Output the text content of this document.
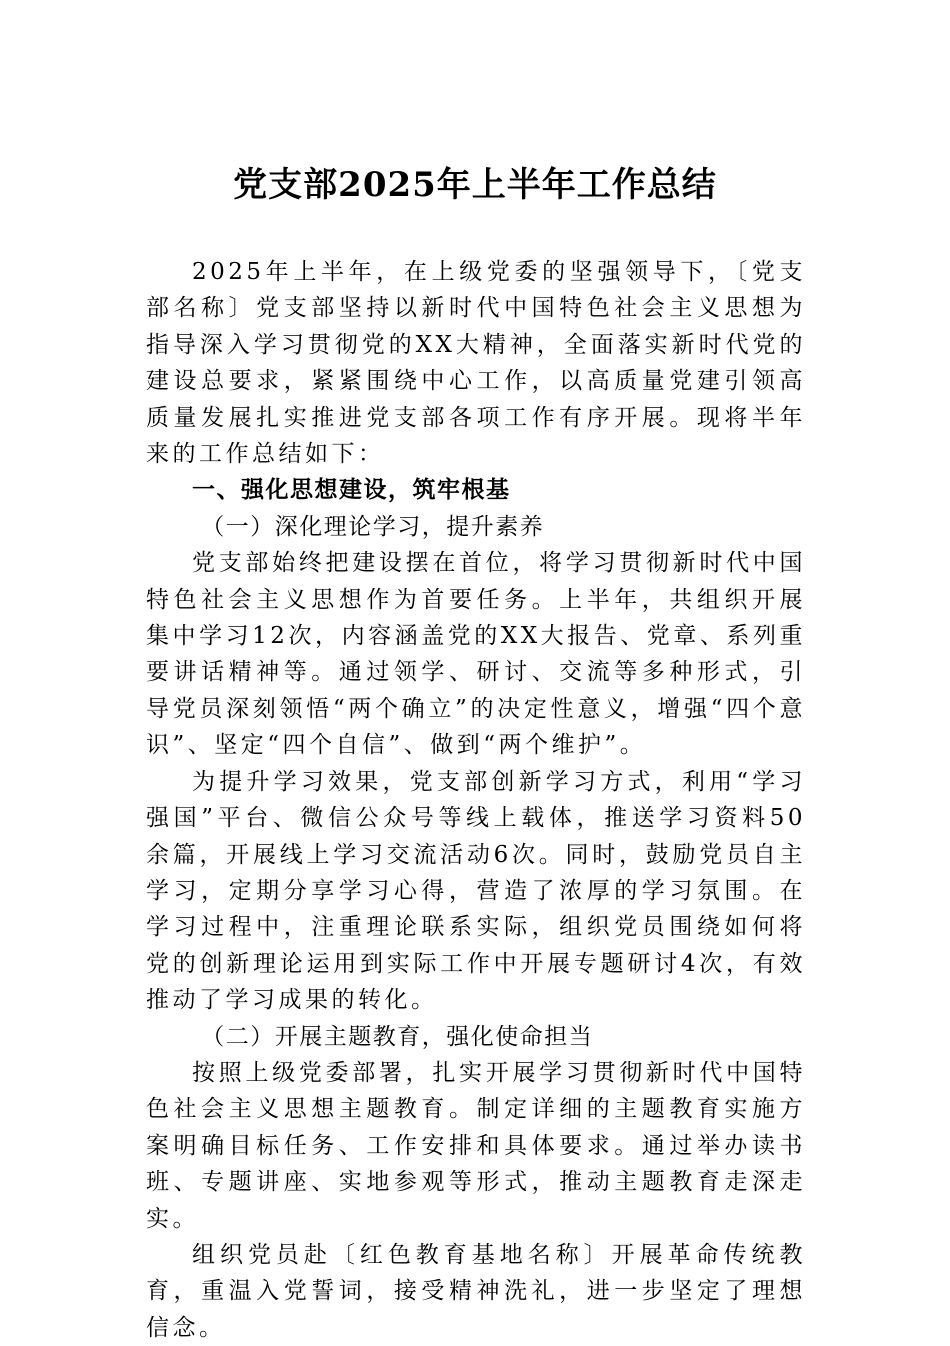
党支部2025年上半年工作总结

2025年上半年，在上级党委的坚强领导下，〔党支部名称〕党支部坚持以新时代中国特色社会主义思想为指导深入学习贯彻党的XX大精神，全面落实新时代党的建设总要求，紧紧围绕中心工作，以高质量党建引领高质量发展扎实推进党支部各项工作有序开展。现将半年来的工作总结如下：

一、强化思想建设，筑牢根基
（一）深化理论学习，提升素养

党支部始终把建设摆在首位，将学习贯彻新时代中国特色社会主义思想作为首要任务。上半年，共组织开展集中学习12次，内容涵盖党的XX大报告、党章、系列重要讲话精神等。通过领学、研讨、交流等多种形式，引导党员深刻领悟“两个确立”的决定性意义，增强“四个意识”、坚定“四个自信”、做到“两个维护”。

为提升学习效果，党支部创新学习方式，利用“学习强国”平台、微信公众号等线上载体，推送学习资料50余篇，开展线上学习交流活动6次。同时，鼓励党员自主学习，定期分享学习心得，营造了浓厚的学习氛围。在学习过程中，注重理论联系实际，组织党员围绕如何将党的创新理论运用到实际工作中开展专题研讨4次，有效推动了学习成果的转化。

（二）开展主题教育，强化使命担当

按照上级党委部署，扎实开展学习贯彻新时代中国特色社会主义思想主题教育。制定详细的主题教育实施方案明确目标任务、工作安排和具体要求。通过举办读书班、专题讲座、实地参观等形式，推动主题教育走深走实。

组织党员赴〔红色教育基地名称〕开展革命传统教育，重温入党誓词，接受精神洗礼，进一步坚定了理想信念。
